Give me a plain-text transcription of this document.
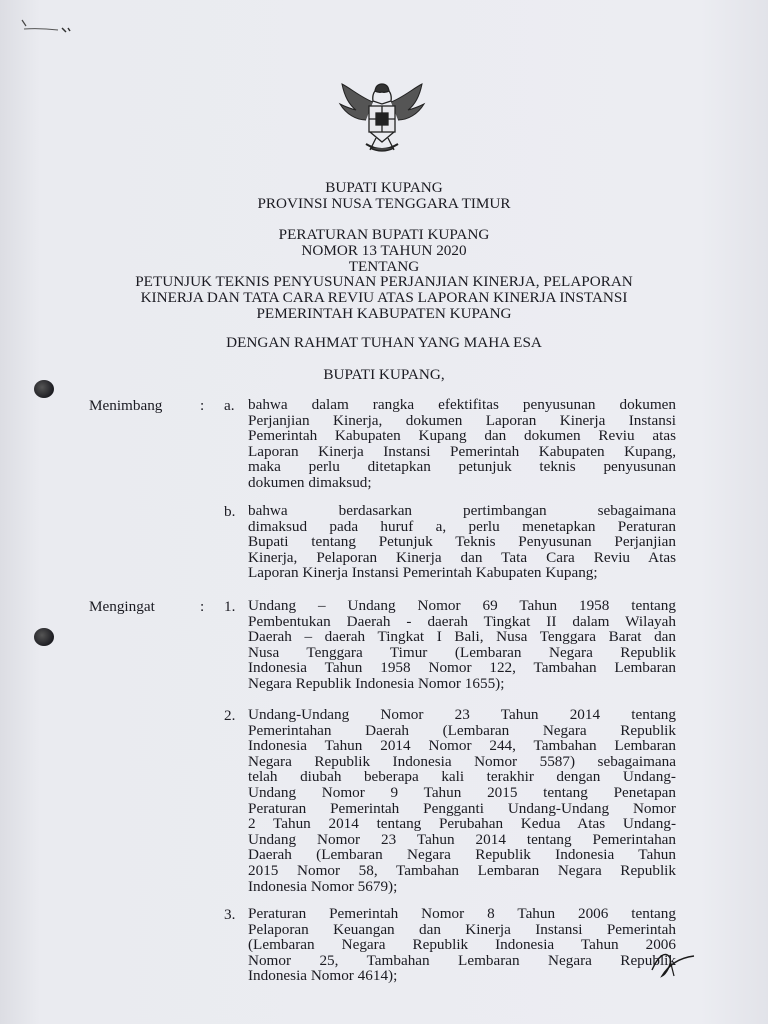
BUPATI KUPANG
PROVINSI NUSA TENGGARA TIMUR
PERATURAN BUPATI KUPANG
NOMOR 13 TAHUN 2020
TENTANG
PETUNJUK TEKNIS PENYUSUNAN PERJANJIAN KINERJA, PELAPORAN
KINERJA DAN TATA CARA REVIU ATAS LAPORAN KINERJA INSTANSI
PEMERINTAH KABUPATEN KUPANG
DENGAN RAHMAT TUHAN YANG MAHA ESA
BUPATI KUPANG,
Menimbang : a. bahwa dalam rangka efektifitas penyusunan dokumen
Perjanjian Kinerja, dokumen Laporan Kinerja Instansi
Pemerintah Kabupaten Kupang dan dokumen Reviu atas
Laporan Kinerja Instansi Pemerintah Kabupaten Kupang,
maka perlu ditetapkan petunjuk teknis penyusunan
dokumen dimaksud;
b. bahwa berdasarkan pertimbangan sebagaimana
dimaksud pada huruf a, perlu menetapkan Peraturan
Bupati tentang Petunjuk Teknis Penyusunan Perjanjian
Kinerja, Pelaporan Kinerja dan Tata Cara Reviu Atas
Laporan Kinerja Instansi Pemerintah Kabupaten Kupang;
Mengingat	: 1. Undang – Undang Nomor 69 Tahun 1958 tentang
Pembentukan Daerah - daerah Tingkat II dalam Wilayah
Daerah – daerah Tingkat I Bali, Nusa Tenggara Barat dan
Nusa Tenggara Timur (Lembaran Negara Republik
Indonesia Tahun 1958 Nomor 122, Tambahan Lembaran
Negara Republik Indonesia Nomor 1655);
2. Undang-Undang Nomor 23 Tahun 2014 tentang
Pemerintahan Daerah (Lembaran Negara Republik
Indonesia Tahun 2014 Nomor 244, Tambahan Lembaran
Negara Republik Indonesia Nomor 5587) sebagaimana
telah diubah beberapa kali terakhir dengan Undang-
Undang Nomor 9 Tahun 2015 tentang Penetapan
Peraturan Pemerintah Pengganti Undang-Undang Nomor
2 Tahun 2014 tentang Perubahan Kedua Atas Undang-
Undang Nomor 23 Tahun 2014 tentang Pemerintahan
Daerah (Lembaran Negara Republik Indonesia Tahun
2015 Nomor 58, Tambahan Lembaran Negara Republik
Indonesia Nomor 5679);
3. Peraturan Pemerintah Nomor 8 Tahun 2006 tentang
Pelaporan Keuangan dan Kinerja Instansi Pemerintah
(Lembaran Negara Republik Indonesia Tahun 2006
Nomor 25, Tambahan Lembaran Negara Republik
Indonesia Nomor 4614);
